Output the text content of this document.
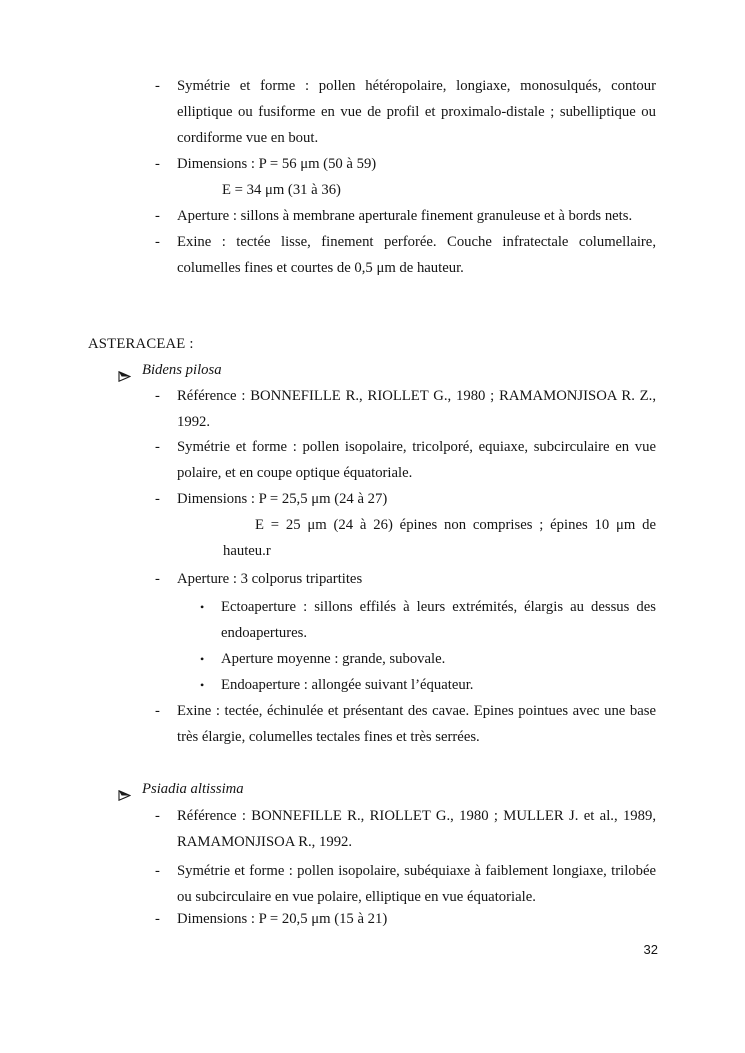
- Symétrie et forme : pollen hétéropolaire, longiaxe, monosulqués, contour elliptique ou fusiforme en vue de profil et proximalo-distale ; subelliptique ou cordiforme vue en bout.
- Dimensions : P = 56 μm (50 à 59)
E = 34 μm (31 à 36)
- Aperture : sillons à membrane aperturale finement granuleuse et à bords nets.
- Exine : tectée lisse, finement perforée. Couche infratectale columellaire, columelles fines et courtes de 0,5 μm de hauteur.
ASTERACEAE :
Bidens pilosa
- Référence : BONNEFILLE R., RIOLLET G., 1980 ; RAMAMONJISOA R. Z., 1992.
- Symétrie et forme : pollen isopolaire, tricolporé, equiaxe, subcirculaire en vue polaire, et en coupe optique équatoriale.
- Dimensions : P = 25,5 μm (24 à 27)
E = 25 μm (24 à 26) épines non comprises ; épines 10 μm de
hauteu.r
- Aperture : 3 colporus tripartites
• Ectoaperture : sillons effilés à leurs extrémités, élargis au dessus des endoapertures.
• Aperture moyenne : grande, subovale.
• Endoaperture : allongée suivant l’équateur.
- Exine : tectée, échinulée et présentant des cavae. Epines pointues avec une base très élargie, columelles tectales fines et très serrées.
Psiadia altissima
- Référence : BONNEFILLE R., RIOLLET G., 1980 ; MULLER J. et al., 1989, RAMAMONJISOA R., 1992.
- Symétrie et forme : pollen isopolaire, subéquiaxe à faiblement longiaxe, trilobée ou subcirculaire en vue polaire, elliptique en vue équatoriale.
- Dimensions : P = 20,5 μm (15 à 21)
32
